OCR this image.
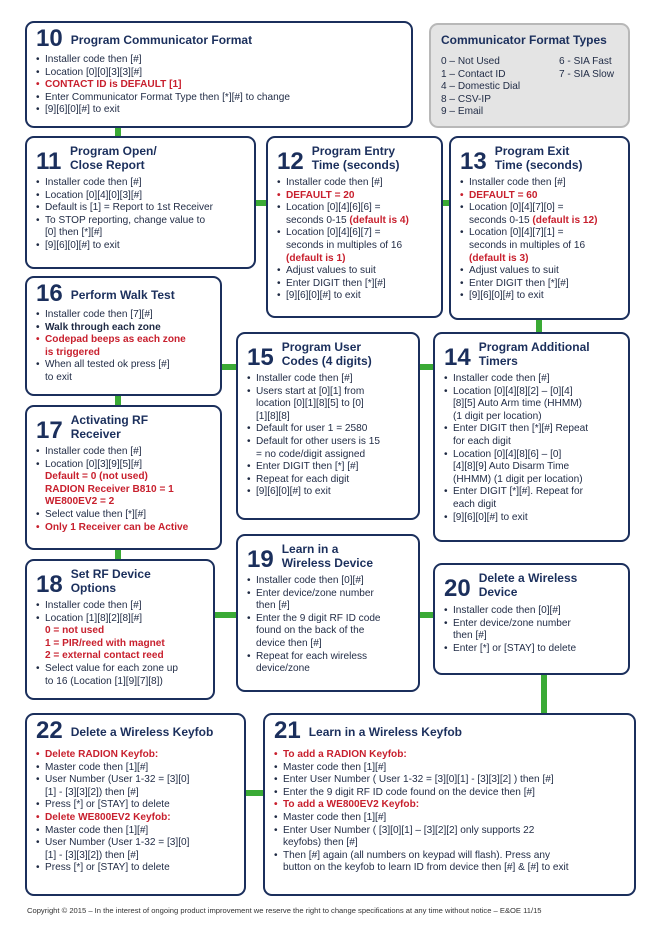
Communicator Format Types
0 – Not Used
1 – Contact ID
4 – Domestic Dial
8 – CSV-IP
9 – Email
6 - SIA Fast
7 - SIA Slow
10 Program Communicator Format
• Installer code then [#]
• Location [0][0][3][3][#]
• CONTACT ID is DEFAULT [1]
• Enter Communicator Format Type then [*][#] to change
• [9][6][0][#] to exit
11 Program Open/
Close Report
• Installer code then [#]
• Location [0][4][0][3][#]
• Default is [1] = Report to 1st Receiver
• To STOP reporting, change value to
[0] then [*][#]
• [9][6][0][#] to exit
12 Program Entry
Time (seconds)
• Installer code then [#]
• DEFAULT = 20
• Location [0][4][6][6] =
seconds 0-15 (default is 4)
• Location [0][4][6][7] =
seconds in multiples of 16
(default is 1)
• Adjust values to suit
• Enter DIGIT then [*][#]
• [9][6][0][#] to exit
13 Program Exit
Time (seconds)
• Installer code then [#]
• DEFAULT = 60
• Location [0][4][7][0] =
seconds 0-15 (default is 12)
• Location [0][4][7][1] =
seconds in multiples of 16
(default is 3)
• Adjust values to suit
• Enter DIGIT then [*][#]
• [9][6][0][#] to exit
16 Perform Walk Test
• Installer code then [7][#]
• Walk through each zone
• Codepad beeps as each zone
is triggered
• When all tested ok press [#]
to exit
15 Program User
Codes (4 digits)
• Installer code then [#]
• Users start at [0][1] from
location [0][1][8][5] to [0]
[1][8][8]
• Default for user 1 = 2580
• Default for other users is 15
= no code/digit assigned
• Enter DIGIT then [*] [#]
• Repeat for each digit
• [9][6][0][#] to exit
14 Program Additional
Timers
• Installer code then [#]
• Location [0][4][8][2] – [0][4]
[8][5] Auto Arm time (HHMM)
(1 digit per location)
• Enter DIGIT then [*][#] Repeat
for each digit
• Location [0][4][8][6] – [0]
[4][8][9] Auto Disarm Time
(HHMM) (1 digit per location)
• Enter DIGIT [*][#]. Repeat for
each digit
• [9][6][0][#] to exit
17 Activating RF
Receiver
• Installer code then [#]
• Location [0][3][9][5][#]
Default = 0 (not used)
RADION Receiver B810 = 1
WE800EV2 = 2
• Select value then [*][#]
• Only 1 Receiver can be Active
19 Learn in a
Wireless Device
• Installer code then [0][#]
• Enter device/zone number
then [#]
• Enter the 9 digit RF ID code
found on the back of the
device then [#]
• Repeat for each wireless
device/zone
20 Delete a Wireless
Device
• Installer code then [0][#]
• Enter device/zone number
then [#]
• Enter [*] or [STAY] to delete
18 Set RF Device
Options
• Installer code then [#]
• Location [1][8][2][8][#]
0 = not used
1 = PIR/reed with magnet
2 = external contact reed
• Select value for each zone up
to 16 (Location [1][9][7][8])
22 Delete a Wireless Keyfob
• Delete RADION Keyfob:
• Master code then [1][#]
• User Number (User 1-32 = [3][0]
[1] - [3][3][2]) then [#]
• Press [*] or [STAY] to delete
• Delete WE800EV2 Keyfob:
• Master code then [1][#]
• User Number (User 1-32 = [3][0]
[1] - [3][3][2]) then [#]
• Press [*] or [STAY] to delete
21 Learn in a Wireless Keyfob
• To add a RADION Keyfob:
• Master code then [1][#]
• Enter User Number ( User 1-32 = [3][0][1] - [3][3][2] ) then [#]
• Enter the 9 digit RF ID code found on the device then [#]
• To add a WE800EV2 Keyfob:
• Master code then [1][#]
• Enter User Number ( [3][0][1] – [3][2][2] only supports 22
keyfobs) then [#]
• Then [#] again (all numbers on keypad will flash). Press any
button on the keyfob to learn ID from device then [#] & [#] to exit
Copyright © 2015 – In the interest of ongoing product improvement we reserve the right to change specifications at any time without notice – E&OE 11/15
